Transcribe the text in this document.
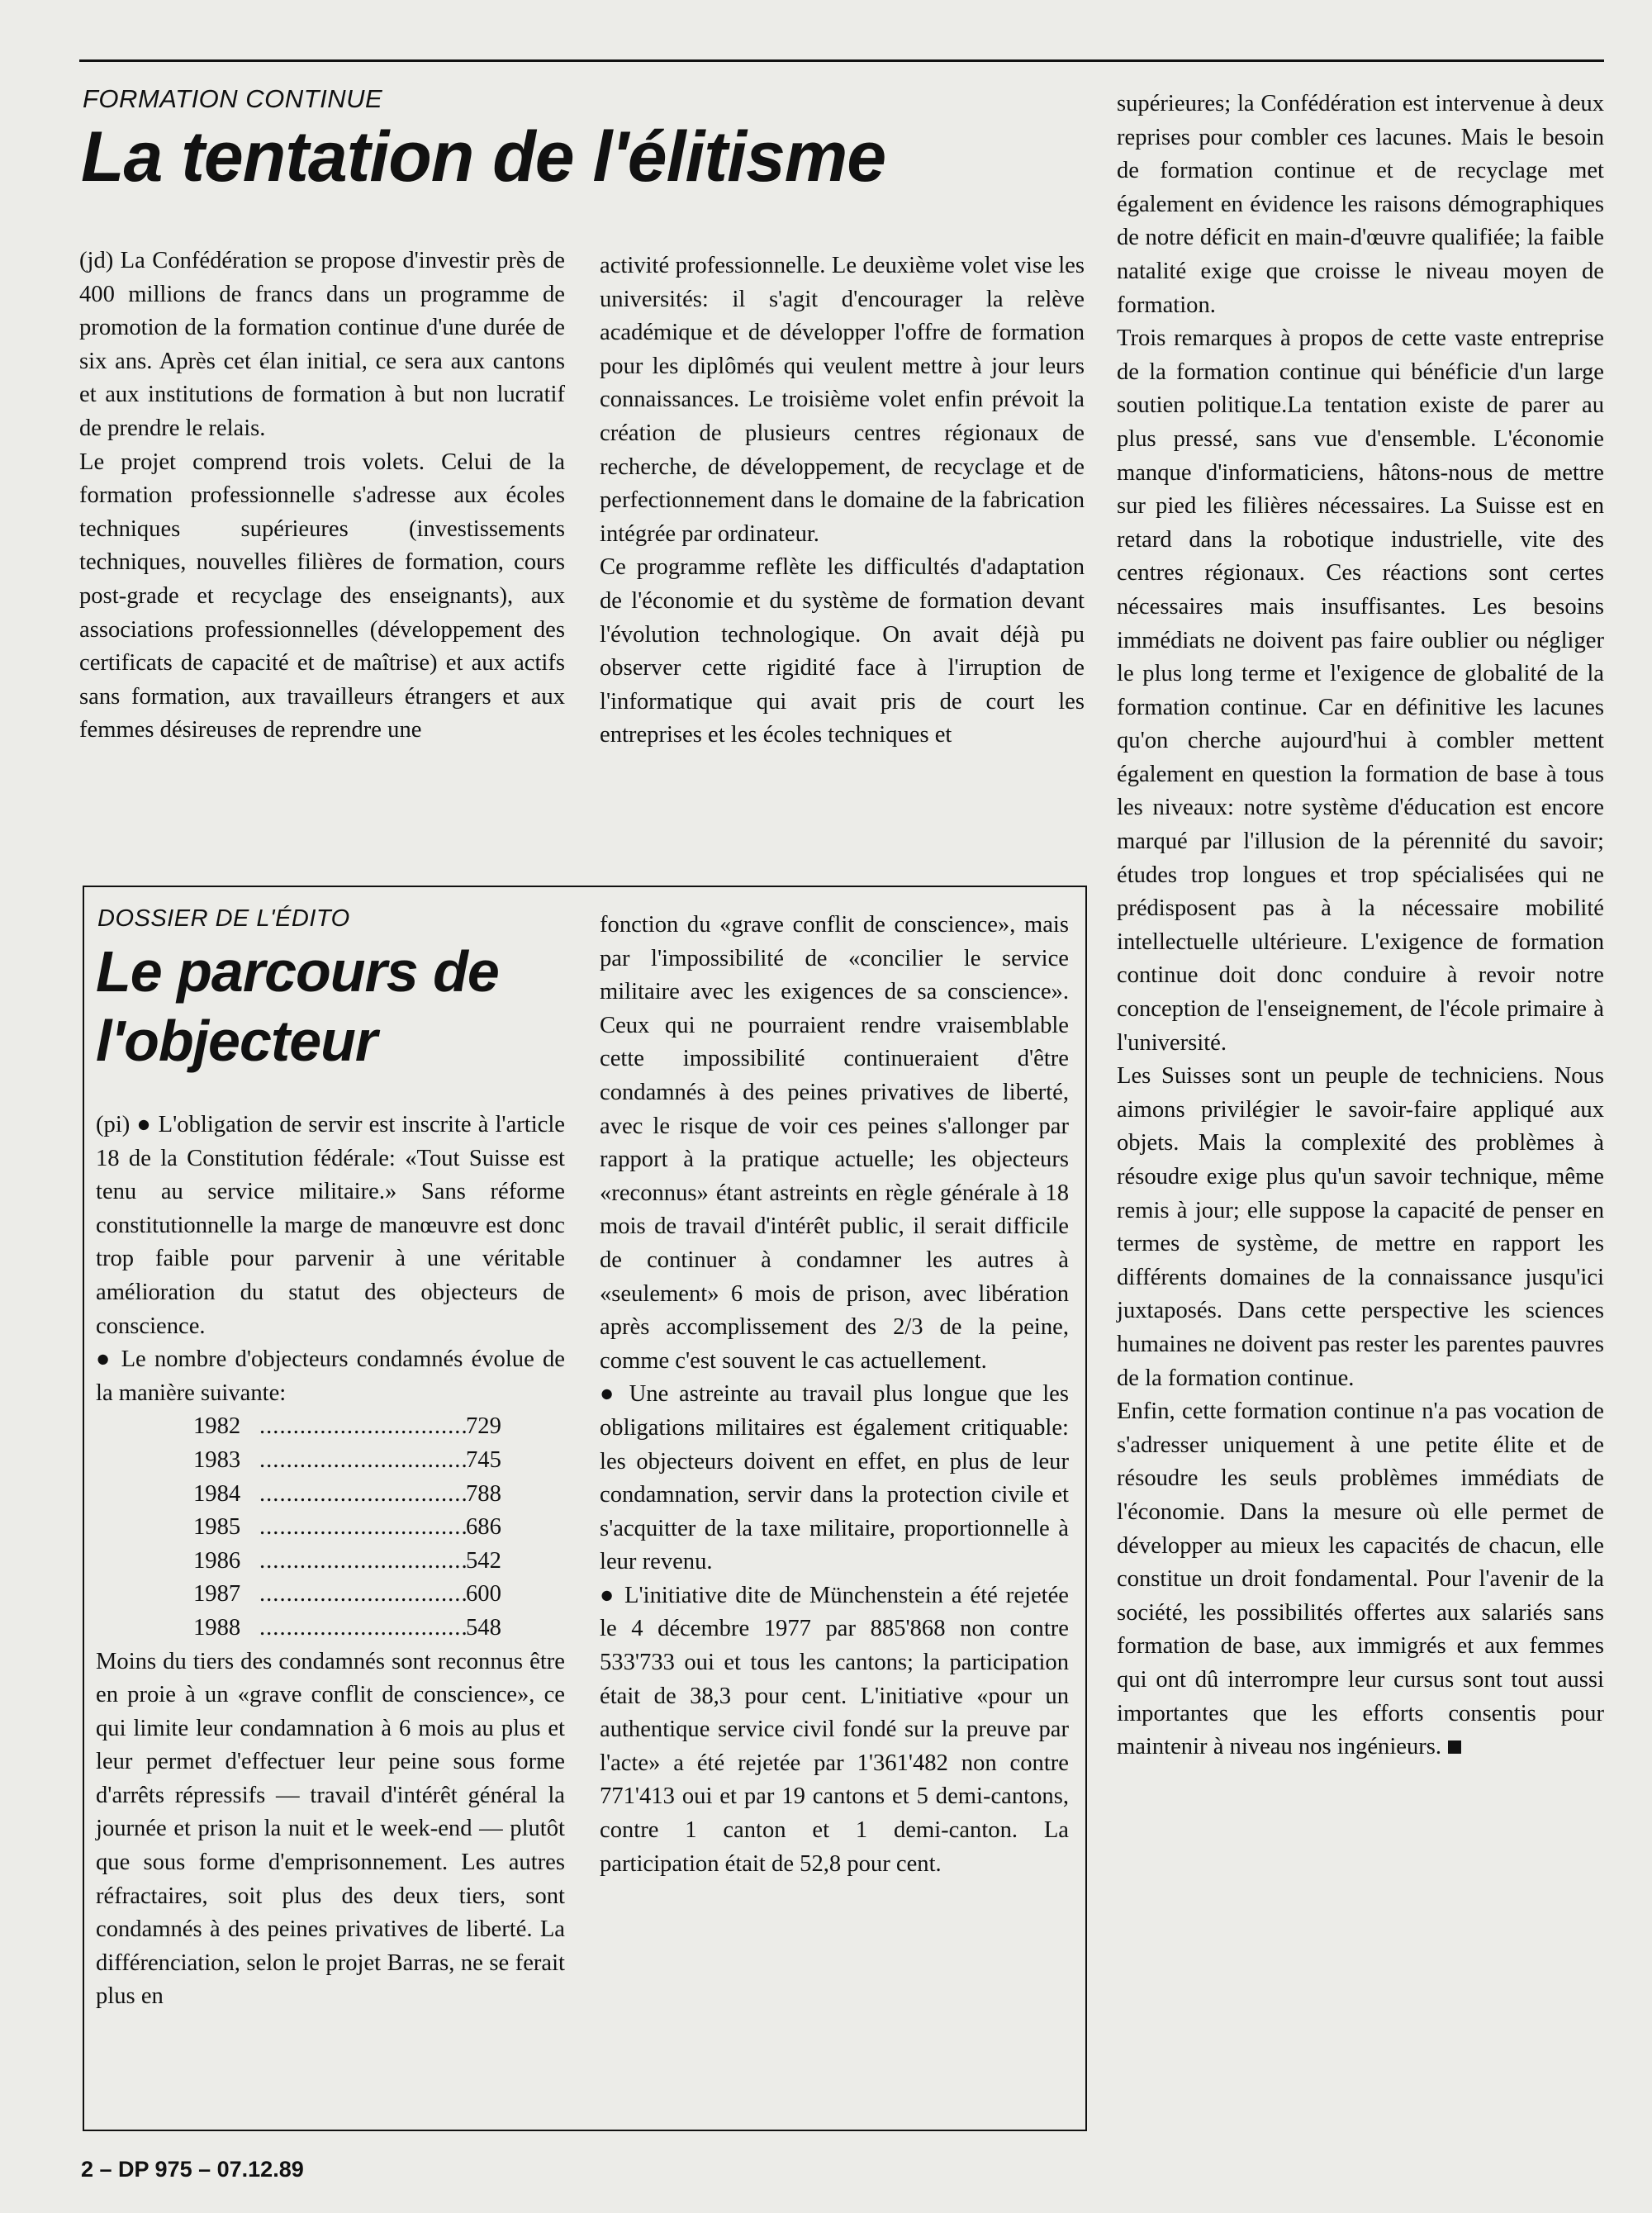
FORMATION CONTINUE
La tentation de l'élitisme

(jd) La Confédération se propose d'investir près de 400 millions de francs dans un programme de promotion de la formation continue d'une durée de six ans. Après cet élan initial, ce sera aux cantons et aux institutions de formation à but non lucratif de prendre le relais.

Le projet comprend trois volets. Celui de la formation professionnelle s'adresse aux écoles techniques supérieures (investissements techniques, nouvelles filières de formation, cours post-grade et recyclage des enseignants), aux associations professionnelles (développement des certificats de capacité et de maîtrise) et aux actifs sans formation, aux travailleurs étrangers et aux femmes désireuses de reprendre une

activité professionnelle. Le deuxième volet vise les universités: il s'agit d'encourager la relève académique et de développer l'offre de formation pour les diplômés qui veulent mettre à jour leurs connaissances. Le troisième volet enfin prévoit la création de plusieurs centres régionaux de recherche, de développement, de recyclage et de perfectionnement dans le domaine de la fabrication intégrée par ordinateur.

Ce programme reflète les difficultés d'adaptation de l'économie et du système de formation devant l'évolution technologique. On avait déjà pu observer cette rigidité face à l'irruption de l'informatique qui avait pris de court les entreprises et les écoles techniques et

supérieures; la Confédération est intervenue à deux reprises pour combler ces lacunes. Mais le besoin de formation continue et de recyclage met également en évidence les raisons démographiques de notre déficit en main-d'œuvre qualifiée; la faible natalité exige que croisse le niveau moyen de formation.

Trois remarques à propos de cette vaste entreprise de la formation continue qui bénéficie d'un large soutien politique.La tentation existe de parer au plus pressé, sans vue d'ensemble. L'économie manque d'informaticiens, hâtons-nous de mettre sur pied les filières nécessaires. La Suisse est en retard dans la robotique industrielle, vite des centres régionaux. Ces réactions sont certes nécessaires mais insuffisantes. Les besoins immédiats ne doivent pas faire oublier ou négliger le plus long terme et l'exigence de globalité de la formation continue. Car en définitive les lacunes qu'on cherche aujourd'hui à combler mettent également en question la formation de base à tous les niveaux: notre système d'éducation est encore marqué par l'illusion de la pérennité du savoir; études trop longues et trop spécialisées qui ne prédisposent pas à la nécessaire mobilité intellectuelle ultérieure. L'exigence de formation continue doit donc conduire à revoir notre conception de l'enseignement, de l'école primaire à l'université.

Les Suisses sont un peuple de techniciens. Nous aimons privilégier le savoir-faire appliqué aux objets. Mais la complexité des problèmes à résoudre exige plus qu'un savoir technique, même remis à jour; elle suppose la capacité de penser en termes de système, de mettre en rapport les différents domaines de la connaissance jusqu'ici juxtaposés. Dans cette perspective les sciences humaines ne doivent pas rester les parentes pauvres de la formation continue.

Enfin, cette formation continue n'a pas vocation de s'adresser uniquement à une petite élite et de résoudre les seuls problèmes immédiats de l'économie. Dans la mesure où elle permet de développer au mieux les capacités de chacun, elle constitue un droit fondamental. Pour l'avenir de la société, les possibilités offertes aux salariés sans formation de base, aux immigrés et aux femmes qui ont dû interrompre leur cursus sont tout aussi importantes que les efforts consentis pour maintenir à niveau nos ingénieurs.

DOSSIER DE L'ÉDITO
Le parcours de
l'objecteur

(pi) ● L'obligation de servir est inscrite à l'article 18 de la Constitution fédérale: «Tout Suisse est tenu au service militaire.» Sans réforme constitutionnelle la marge de manœuvre est donc trop faible pour parvenir à une véritable amélioration du statut des objecteurs de conscience.

● Le nombre d'objecteurs condamnés évolue de la manière suivante:

1982 .....	729
1983 .....	745
1984 .....	788
1985 .....	686
1986 .....	542
1987 .....	600
1988 .....	548

Moins du tiers des condamnés sont reconnus être en proie à un «grave conflit de conscience», ce qui limite leur condamnation à 6 mois au plus et leur permet d'effectuer leur peine sous forme d'arrêts répressifs — travail d'intérêt général la journée et prison la nuit et le week-end — plutôt que sous forme d'emprisonnement. Les autres réfractaires, soit plus des deux tiers, sont condamnés à des peines privatives de liberté. La différenciation, selon le projet Barras, ne se ferait plus en

fonction du «grave conflit de conscience», mais par l'impossibilité de «concilier le service militaire avec les exigences de sa conscience». Ceux qui ne pourraient rendre vraisemblable cette impossibilité continueraient d'être condamnés à des peines privatives de liberté, avec le risque de voir ces peines s'allonger par rapport à la pratique actuelle; les objecteurs «reconnus» étant astreints en règle générale à 18 mois de travail d'intérêt public, il serait difficile de continuer à condamner les autres à «seulement» 6 mois de prison, avec libération après accomplissement des 2/3 de la peine, comme c'est souvent le cas actuellement.

● Une astreinte au travail plus longue que les obligations militaires est également critiquable: les objecteurs doivent en effet, en plus de leur condamnation, servir dans la protection civile et s'acquitter de la taxe militaire, proportionnelle à leur revenu.

● L'initiative dite de Münchenstein a été rejetée le 4 décembre 1977 par 885'868 non contre 533'733 oui et tous les cantons; la participation était de 38,3 pour cent. L'initiative «pour un authentique service civil fondé sur la preuve par l'acte» a été rejetée par 1'361'482 non contre 771'413 oui et par 19 cantons et 5 demi-cantons, contre 1 canton et 1 demi-canton. La participation était de 52,8 pour cent.

2 – DP 975 – 07.12.89
